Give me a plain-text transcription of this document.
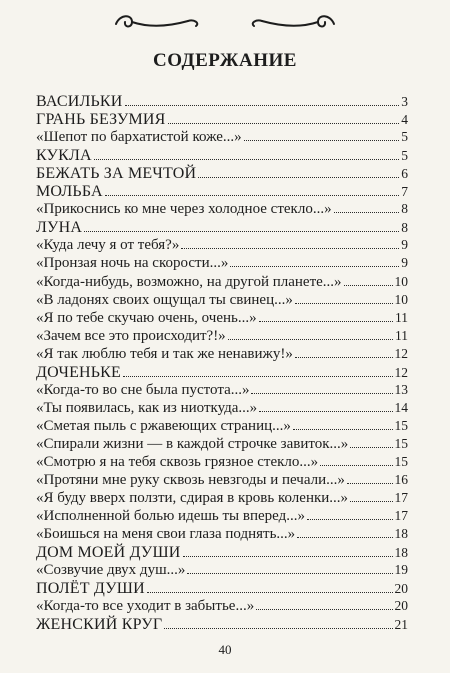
СОДЕРЖАНИЕ
ВАСИЛЬКИ	3
ГРАНЬ БЕЗУМИЯ	4
«Шепот по бархатистой коже...»	5
КУКЛА	5
БЕЖАТЬ ЗА МЕЧТОЙ	6
МОЛЬБА	7
«Прикоснись ко мне через холодное стекло...»	8
ЛУНА	8
«Куда лечу я от тебя?»	9
«Пронзая ночь на скорости...»	9
«Когда-нибудь, возможно, на другой планете...»	10
«В ладонях своих ощущал ты свинец...»	10
«Я по тебе скучаю очень, очень...»	11
«Зачем все это происходит?!»	11
«Я так люблю тебя и так же ненавижу!»	12
ДОЧЕНЬКЕ	12
«Когда-то во сне была пустота...»	13
«Ты появилась, как из ниоткуда...»	14
«Сметая пыль с ржавеющих страниц...»	15
«Спирали жизни — в каждой строчке завиток...»	15
«Смотрю я на тебя сквозь грязное стекло...»	15
«Протяни мне руку сквозь невзгоды и печали...»	16
«Я буду вверх ползти, сдирая в кровь коленки...»	17
«Исполненной болью идешь ты вперед...»	17
«Боишься на меня свои глаза поднять...»	18
ДОМ МОЕЙ ДУШИ	18
«Созвучие двух душ...»	19
ПОЛЁТ ДУШИ	20
«Когда-то все уходит в забытье...»	20
ЖЕНСКИЙ КРУГ	21
40
